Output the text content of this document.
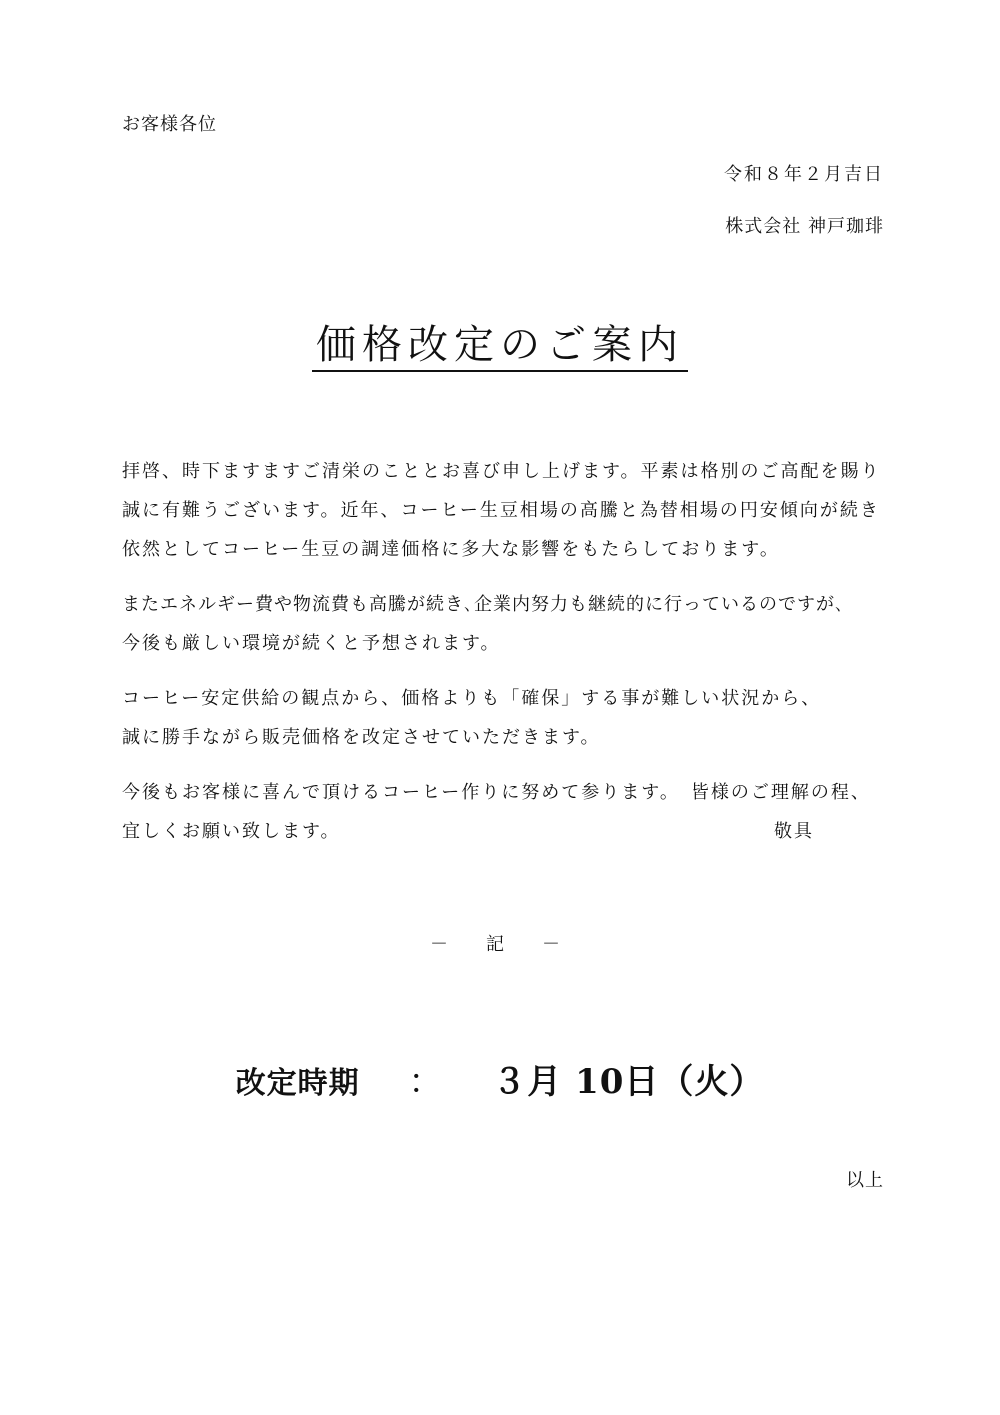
お客様各位
令和８年２月吉日
株式会社 神戸珈琲
価格改定のご案内
拝啓、時下ますますご清栄のこととお喜び申し上げます。平素は格別のご高配を賜り
誠に有難うございます。近年、コーヒー生豆相場の高騰と為替相場の円安傾向が続き
依然としてコーヒー生豆の調達価格に多大な影響をもたらしております。
またエネルギー費や物流費も高騰が続き､企業内努力も継続的に行っているのですが､
今後も厳しい環境が続くと予想されます。
コーヒー安定供給の観点から、価格よりも「確保」する事が難しい状況から、
誠に勝手ながら販売価格を改定させていただきます。
今後もお客様に喜んで頂けるコーヒー作りに努めて参ります。　皆様のご理解の程、
宜しくお願い致します。	敬具
－　記　－
改定時期 ： ３月 10日（火）
以上
